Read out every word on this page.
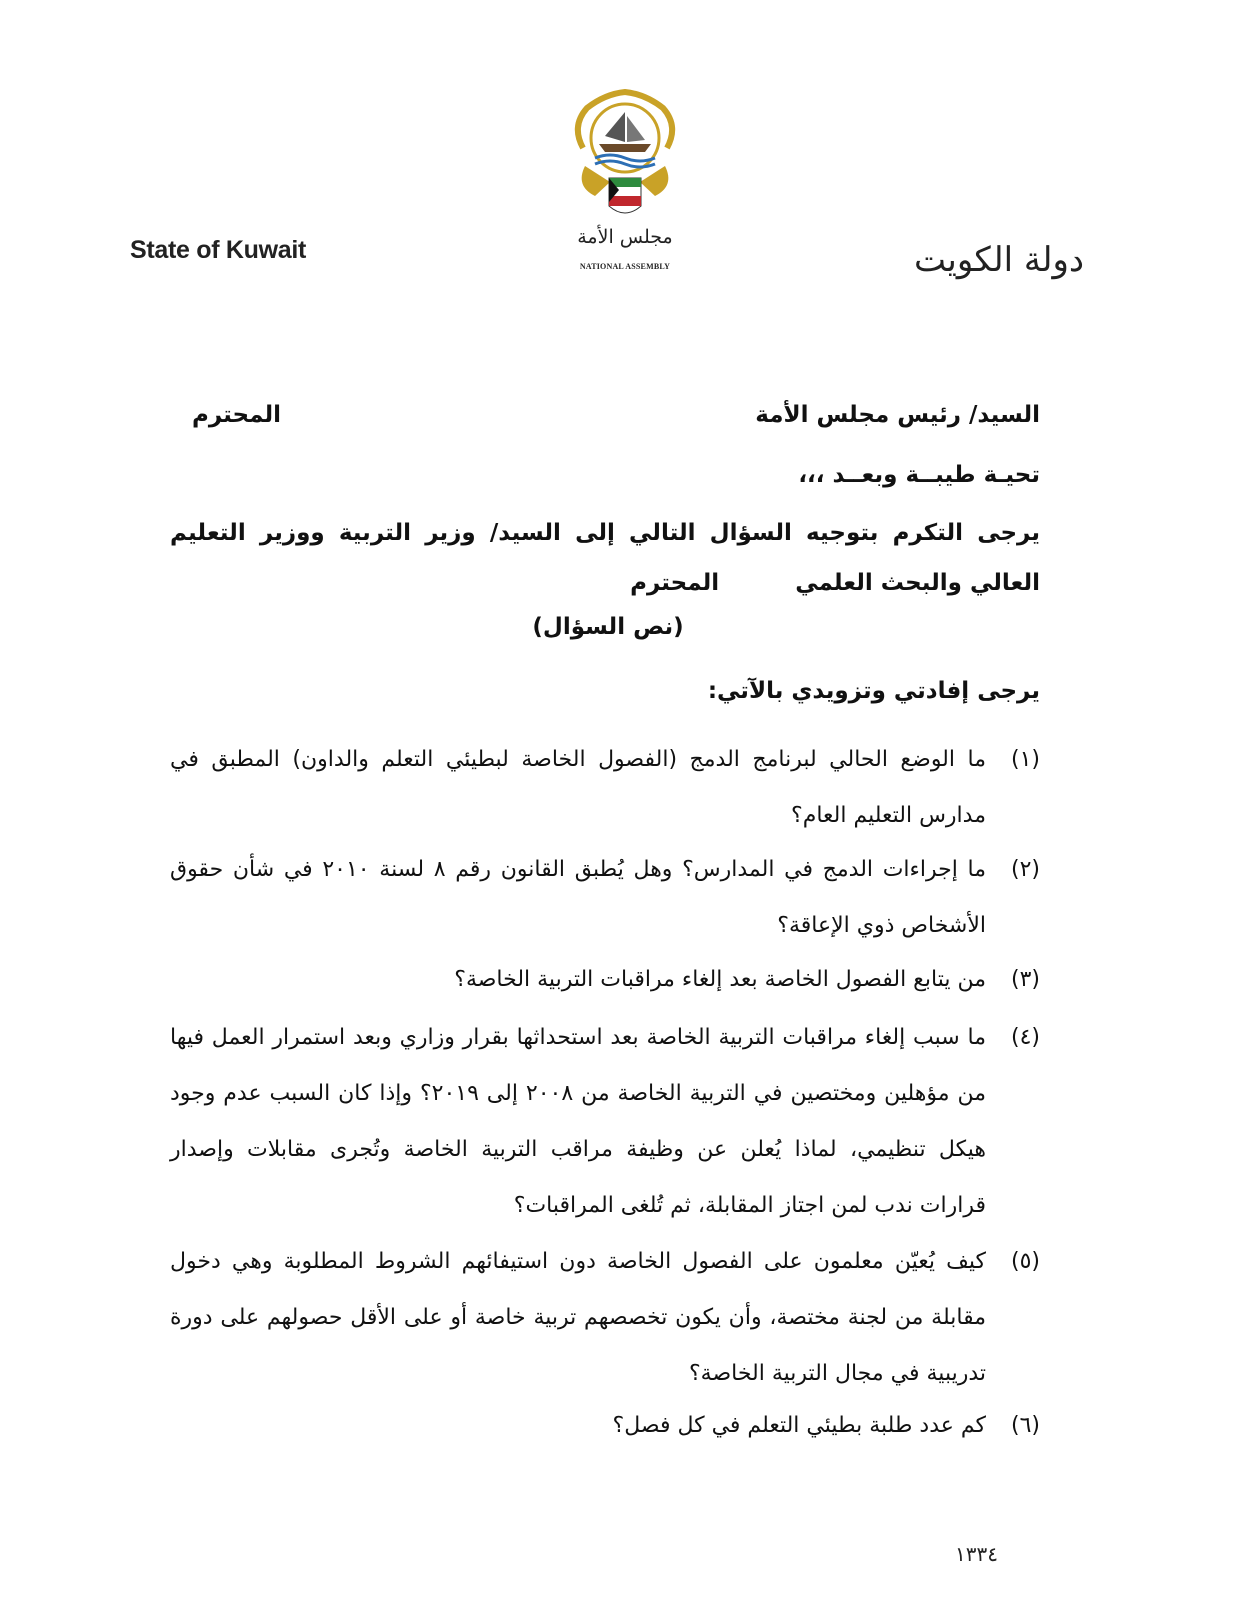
State of Kuwait	مجلس الأمة
NATIONAL ASSEMBLY	دولة الكويت
السيد/ رئيس مجلس الأمة
المحترم
تحيـة طيبــة وبعــد ،،،
يرجى التكرم بتوجيه السؤال التالي إلى السيد/ وزير التربية ووزير التعليم
العالي والبحث العلمي  المحترم
(نص السؤال)
يرجى إفادتي وتزويدي بالآتي:
(١)
ما الوضع الحالي لبرنامج الدمج (الفصول الخاصة لبطيئي التعلم والداون) المطبق في مدارس التعليم العام؟
(٢)
ما إجراءات الدمج في المدارس؟ وهل يُطبق القانون رقم ٨ لسنة ٢٠١٠ في شأن حقوق الأشخاص ذوي الإعاقة؟
(٣)
من يتابع الفصول الخاصة بعد إلغاء مراقبات التربية الخاصة؟
(٤)
ما سبب إلغاء مراقبات التربية الخاصة بعد استحداثها بقرار وزاري وبعد استمرار العمل فيها من مؤهلين ومختصين في التربية الخاصة من ٢٠٠٨ إلى ٢٠١٩؟ وإذا كان السبب عدم وجود هيكل تنظيمي، لماذا يُعلن عن وظيفة مراقب التربية الخاصة وتُجرى مقابلات وإصدار قرارات ندب لمن اجتاز المقابلة، ثم تُلغى المراقبات؟
(٥)
كيف يُعيّن معلمون على الفصول الخاصة دون استيفائهم الشروط المطلوبة وهي دخول مقابلة من لجنة مختصة، وأن يكون تخصصهم تربية خاصة أو على الأقل حصولهم على دورة تدريبية في مجال التربية الخاصة؟
(٦)
كم عدد طلبة بطيئي التعلم في كل فصل؟
١٣٣٤
